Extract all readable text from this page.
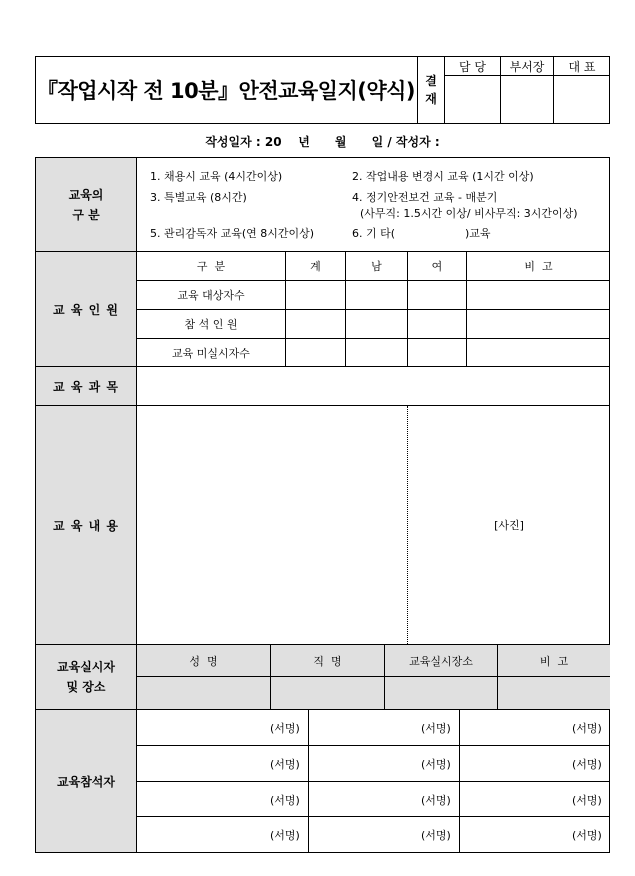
『작업시작 전 10분』안전교육일지(약식) 결
재
담 당	부서장	대 표
작성일자 : 20    년      월      일 / 작성자 :
교육의
구 분
1. 채용시 교육 (4시간이상)	2. 작업내용 변경시 교육 (1시간 이상)
3. 특별교육 (8시간)	4. 정기안전보건 교육 - 매분기
(사무직: 1.5시간 이상/ 비사무직: 3시간이상)
5. 관리감독자 교육(연 8시간이상)	6. 기 타(                    )교육
교 육 인 원
구  분	계	남	여	비  고
교육 대상자수
참 석 인 원
교육 미실시자수
교 육 과 목
교 육 내 용	[사진]
교육실시자
및 장소
성  명	직  명	교육실시장소	비  고
교육참석자
(서명)	(서명)	(서명)
(서명)	(서명)	(서명)
(서명)	(서명)	(서명)
(서명)	(서명)	(서명)
